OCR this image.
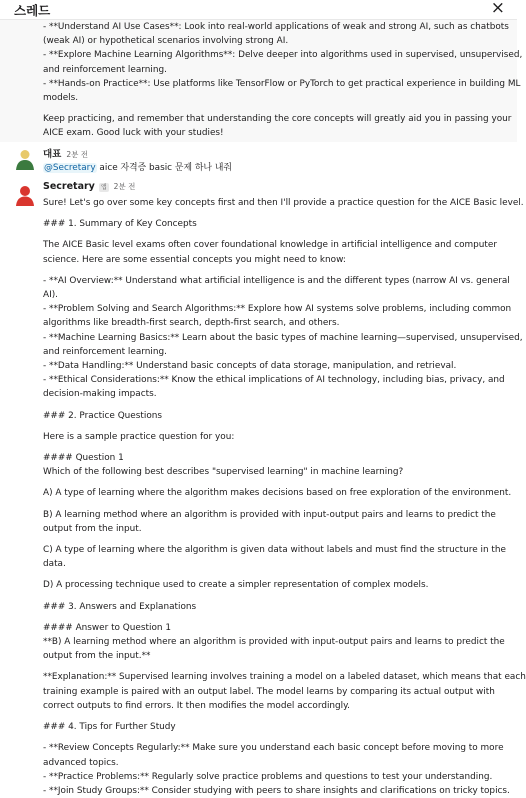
- **Understand AI Use Cases**: Look into real-world applications of weak and strong AI, such as chatbots
(weak AI) or hypothetical scenarios involving strong AI.
- **Explore Machine Learning Algorithms**: Delve deeper into algorithms used in supervised, unsupervised,
and reinforcement learning.
- **Hands-on Practice**: Use platforms like TensorFlow or PyTorch to get practical experience in building ML
models.
Keep practicing, and remember that understanding the core concepts will greatly aid you in passing your
AICE exam. Good luck with your studies!
대표 2분 전
@Secretary aice 자격증 basic 문제 하나 내줘
Secretary	앱 2분 전
Sure! Let's go over some key concepts first and then I'll provide a practice question for the AICE Basic level.
### 1. Summary of Key Concepts
The AICE Basic level exams often cover foundational knowledge in artificial intelligence and computer
science. Here are some essential concepts you might need to know:
- **AI Overview:** Understand what artificial intelligence is and the different types (narrow AI vs. general
AI).
- **Problem Solving and Search Algorithms:** Explore how AI systems solve problems, including common
algorithms like breadth-first search, depth-first search, and others.
- **Machine Learning Basics:** Learn about the basic types of machine learning—supervised, unsupervised,
and reinforcement learning.
- **Data Handling:** Understand basic concepts of data storage, manipulation, and retrieval.
- **Ethical Considerations:** Know the ethical implications of AI technology, including bias, privacy, and
decision-making impacts.
### 2. Practice Questions
Here is a sample practice question for you:
#### Question 1
Which of the following best describes "supervised learning" in machine learning?
A) A type of learning where the algorithm makes decisions based on free exploration of the environment.
B) A learning method where an algorithm is provided with input-output pairs and learns to predict the
output from the input.
C) A type of learning where the algorithm is given data without labels and must find the structure in the
data.
D) A processing technique used to create a simpler representation of complex models.
### 3. Answers and Explanations
#### Answer to Question 1
**B) A learning method where an algorithm is provided with input-output pairs and learns to predict the
output from the input.**
**Explanation:** Supervised learning involves training a model on a labeled dataset, which means that each
training example is paired with an output label. The model learns by comparing its actual output with
correct outputs to find errors. It then modifies the model accordingly.
### 4. Tips for Further Study
- **Review Concepts Regularly:** Make sure you understand each basic concept before moving to more
advanced topics.
- **Practice Problems:** Regularly solve practice problems and questions to test your understanding.
- **Join Study Groups:** Consider studying with peers to share insights and clarifications on tricky topics.
스레드	×
